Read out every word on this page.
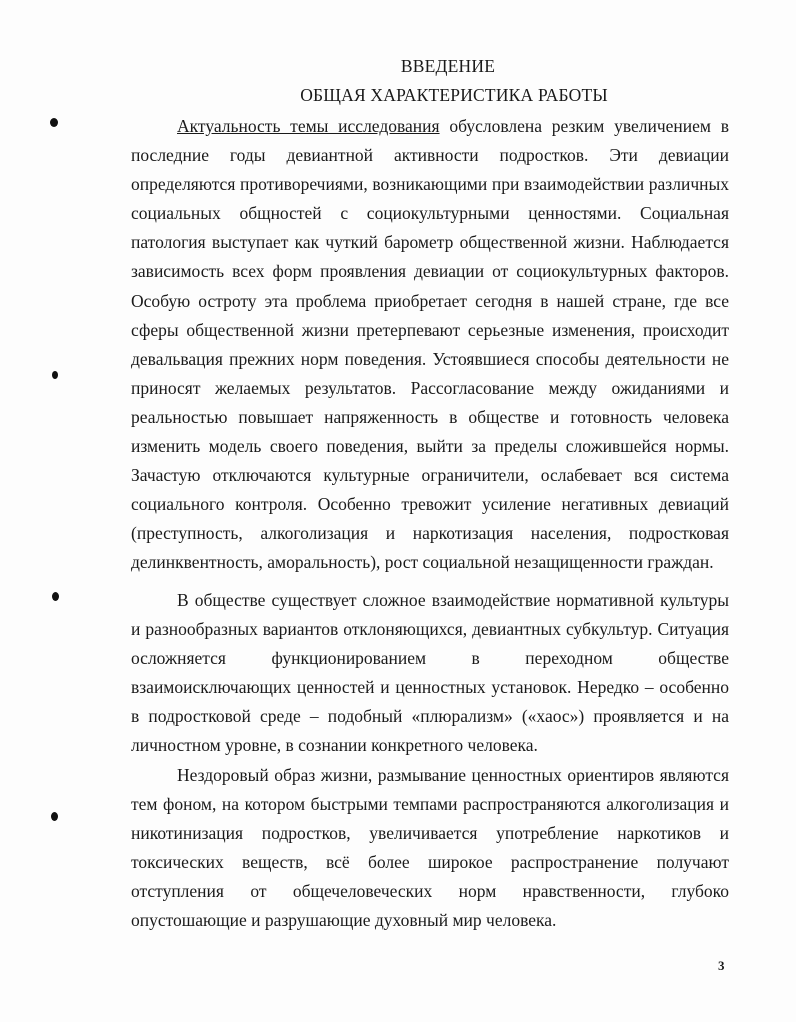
ВВЕДЕНИЕ
ОБЩАЯ ХАРАКТЕРИСТИКА РАБОТЫ

Актуальность темы исследования обусловлена резким увеличением в последние годы девиантной активности подростков. Эти девиации определяются противоречиями, возникающими при взаимодействии различных социальных общностей с социокультурными ценностями. Социальная патология выступает как чуткий барометр общественной жизни. Наблюдается зависимость всех форм проявления девиации от социокультурных факторов. Особую остроту эта проблема приобретает сегодня в нашей стране, где все сферы общественной жизни претерпевают серьезные изменения, происходит девальвация прежних норм поведения. Устоявшиеся способы деятельности не приносят желаемых результатов. Рассогласование между ожиданиями и реальностью повышает напряженность в обществе и готовность человека изменить модель своего поведения, выйти за пределы сложившейся нормы. Зачастую отключаются культурные ограничители, ослабевает вся система социального контроля. Особенно тревожит усиление негативных девиаций (преступность, алкоголизация и наркотизация населения, подростковая делинквентность, аморальность), рост социальной незащищенности граждан.

В обществе существует сложное взаимодействие нормативной культуры и разнообразных вариантов отклоняющихся, девиантных субкультур. Ситуация осложняется функционированием в переходном обществе взаимоисключающих ценностей и ценностных установок. Нередко – особенно в подростковой среде – подобный «плюрализм» («хаос») проявляется и на личностном уровне, в сознании конкретного человека.

Нездоровый образ жизни, размывание ценностных ориентиров являются тем фоном, на котором быстрыми темпами распространяются алкоголизация и никотинизация подростков, увеличивается употребление наркотиков и токсических веществ, всё более широкое распространение получают отступления от общечеловеческих норм нравственности, глубоко опустошающие и разрушающие духовный мир человека.

3
